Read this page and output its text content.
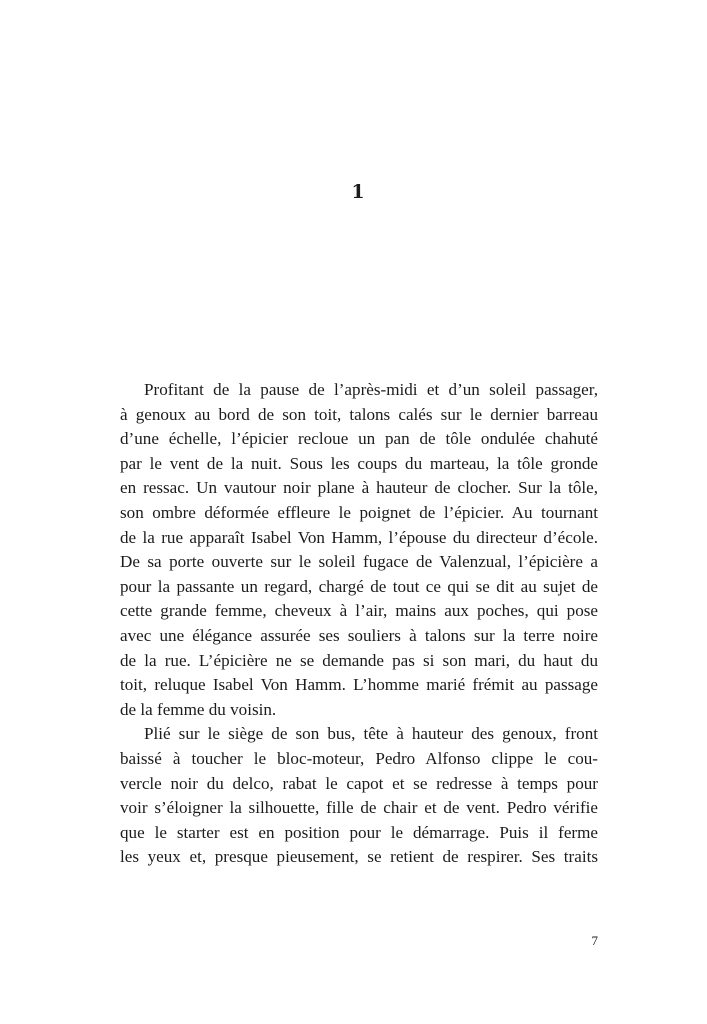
1
Profitant de la pause de l’après-midi et d’un soleil passager,
à genoux au bord de son toit, talons calés sur le dernier barreau
d’une échelle, l’épicier recloue un pan de tôle ondulée chahuté
par le vent de la nuit. Sous les coups du marteau, la tôle gronde
en ressac. Un vautour noir plane à hauteur de clocher. Sur la tôle,
son ombre déformée effleure le poignet de l’épicier. Au tournant
de la rue apparaît Isabel Von Hamm, l’épouse du directeur d’école.
De sa porte ouverte sur le soleil fugace de Valenzual, l’épicière a
pour la passante un regard, chargé de tout ce qui se dit au sujet de
cette grande femme, cheveux à l’air, mains aux poches, qui pose
avec une élégance assurée ses souliers à talons sur la terre noire
de la rue. L’épicière ne se demande pas si son mari, du haut du
toit, reluque Isabel Von Hamm. L’homme marié frémit au passage
de la femme du voisin.
Plié sur le siège de son bus, tête à hauteur des genoux, front
baissé à toucher le bloc-moteur, Pedro Alfonso clippe le cou-
vercle noir du delco, rabat le capot et se redresse à temps pour
voir s’éloigner la silhouette, fille de chair et de vent. Pedro vérifie
que le starter est en position pour le démarrage. Puis il ferme
les yeux et, presque pieusement, se retient de respirer. Ses traits
7
